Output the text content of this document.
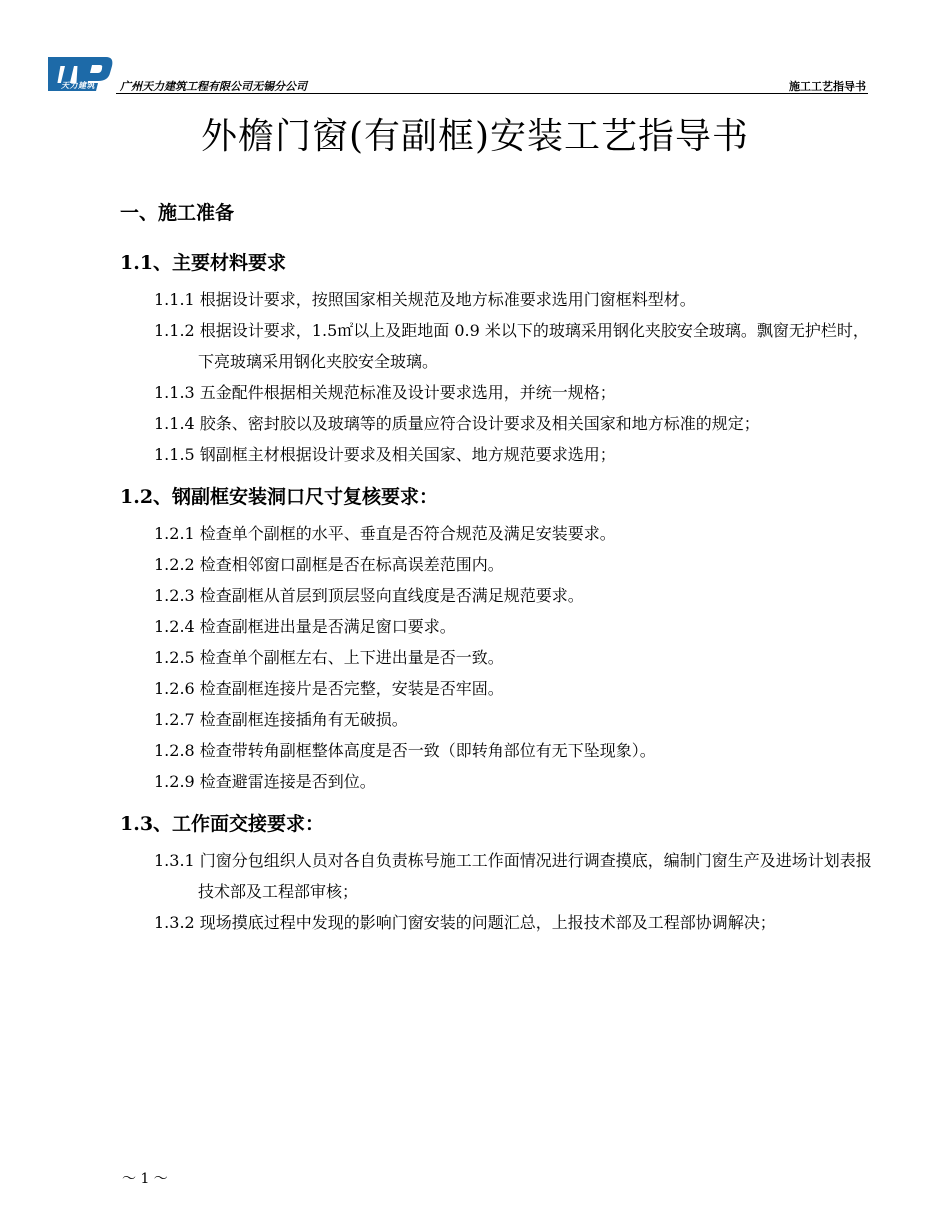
天力建筑 广州天力建筑工程有限公司无锡分公司	施工工艺指导书
外檐门窗(有副框)安装工艺指导书
一、施工准备
1.1、主要材料要求

1.1.1 根据设计要求，按照国家相关规范及地方标准要求选用门窗框料型材。

1.1.2 根据设计要求，1.5㎡以上及距地面 0.9 米以下的玻璃采用钢化夹胶安全玻璃。飘窗无护栏时，下亮玻璃采用钢化夹胶安全玻璃。

1.1.3 五金配件根据相关规范标准及设计要求选用，并统一规格；

1.1.4 胶条、密封胶以及玻璃等的质量应符合设计要求及相关国家和地方标准的规定；

1.1.5 钢副框主材根据设计要求及相关国家、地方规范要求选用；

1.2、钢副框安装洞口尺寸复核要求：

1.2.1 检查单个副框的水平、垂直是否符合规范及满足安装要求。

1.2.2 检查相邻窗口副框是否在标高误差范围内。

1.2.3 检查副框从首层到顶层竖向直线度是否满足规范要求。

1.2.4 检查副框进出量是否满足窗口要求。

1.2.5 检查单个副框左右、上下进出量是否一致。

1.2.6 检查副框连接片是否完整，安装是否牢固。

1.2.7 检查副框连接插角有无破损。

1.2.8 检查带转角副框整体高度是否一致（即转角部位有无下坠现象）。

1.2.9 检查避雷连接是否到位。

1.3、工作面交接要求：

1.3.1 门窗分包组织人员对各自负责栋号施工工作面情况进行调查摸底，编制门窗生产及进场计划表报技术部及工程部审核；

1.3.2 现场摸底过程中发现的影响门窗安装的问题汇总，上报技术部及工程部协调解决；

～ 1 ～
